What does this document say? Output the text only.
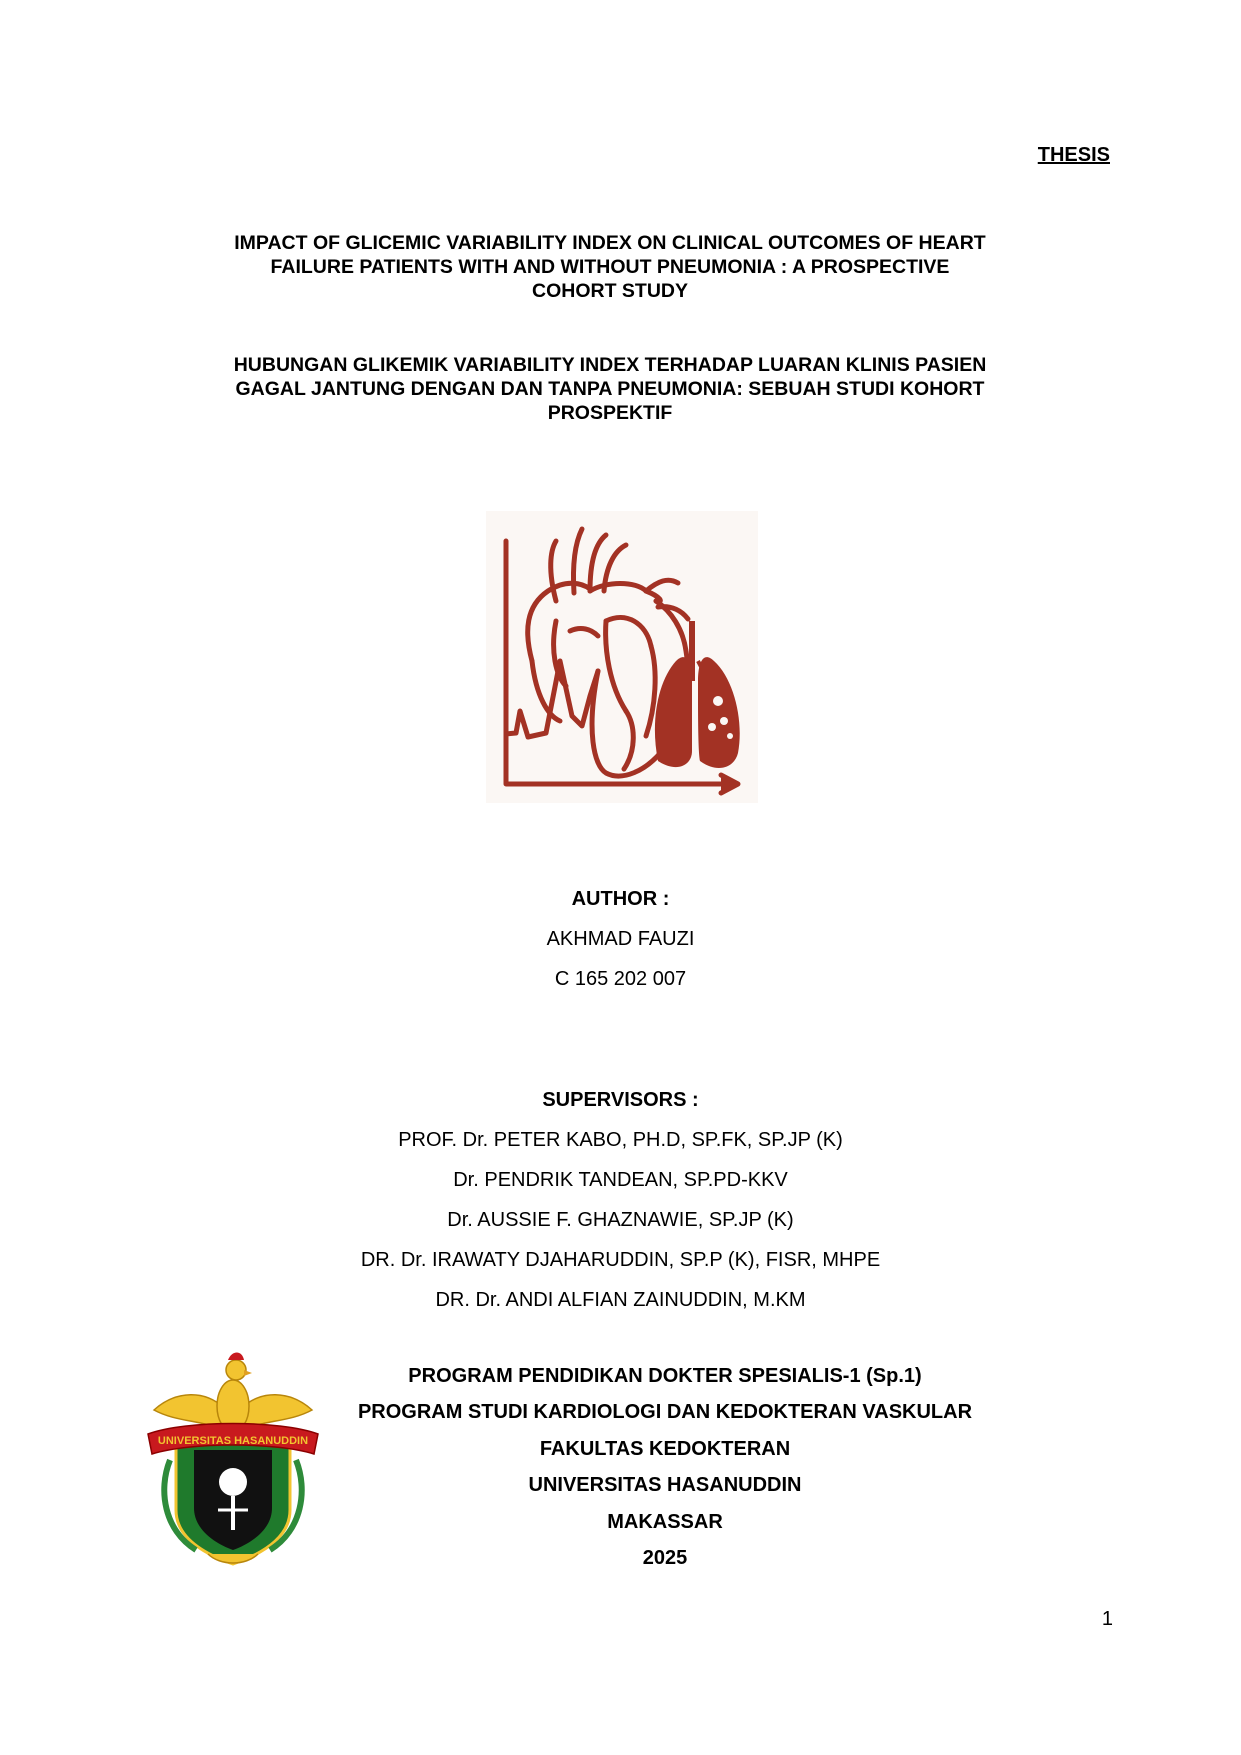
THESIS
IMPACT OF GLICEMIC VARIABILITY INDEX ON CLINICAL OUTCOMES OF HEART
FAILURE PATIENTS WITH AND WITHOUT PNEUMONIA : A PROSPECTIVE
COHORT STUDY
HUBUNGAN GLIKEMIK VARIABILITY INDEX TERHADAP LUARAN KLINIS PASIEN
GAGAL JANTUNG DENGAN DAN TANPA PNEUMONIA: SEBUAH STUDI KOHORT
PROSPEKTIF
AUTHOR :
AKHMAD FAUZI
C 165 202 007
SUPERVISORS :
PROF. Dr. PETER KABO, PH.D, SP.FK, SP.JP (K)
Dr. PENDRIK TANDEAN, SP.PD-KKV
Dr. AUSSIE F. GHAZNAWIE, SP.JP (K)
DR. Dr. IRAWATY DJAHARUDDIN, SP.P (K), FISR, MHPE
DR. Dr. ANDI ALFIAN ZAINUDDIN, M.KM
UNIVERSITAS HASANUDDIN
PROGRAM PENDIDIKAN DOKTER SPESIALIS-1 (Sp.1)
PROGRAM STUDI KARDIOLOGI DAN KEDOKTERAN VASKULAR
FAKULTAS KEDOKTERAN
UNIVERSITAS HASANUDDIN
MAKASSAR
2025
1
